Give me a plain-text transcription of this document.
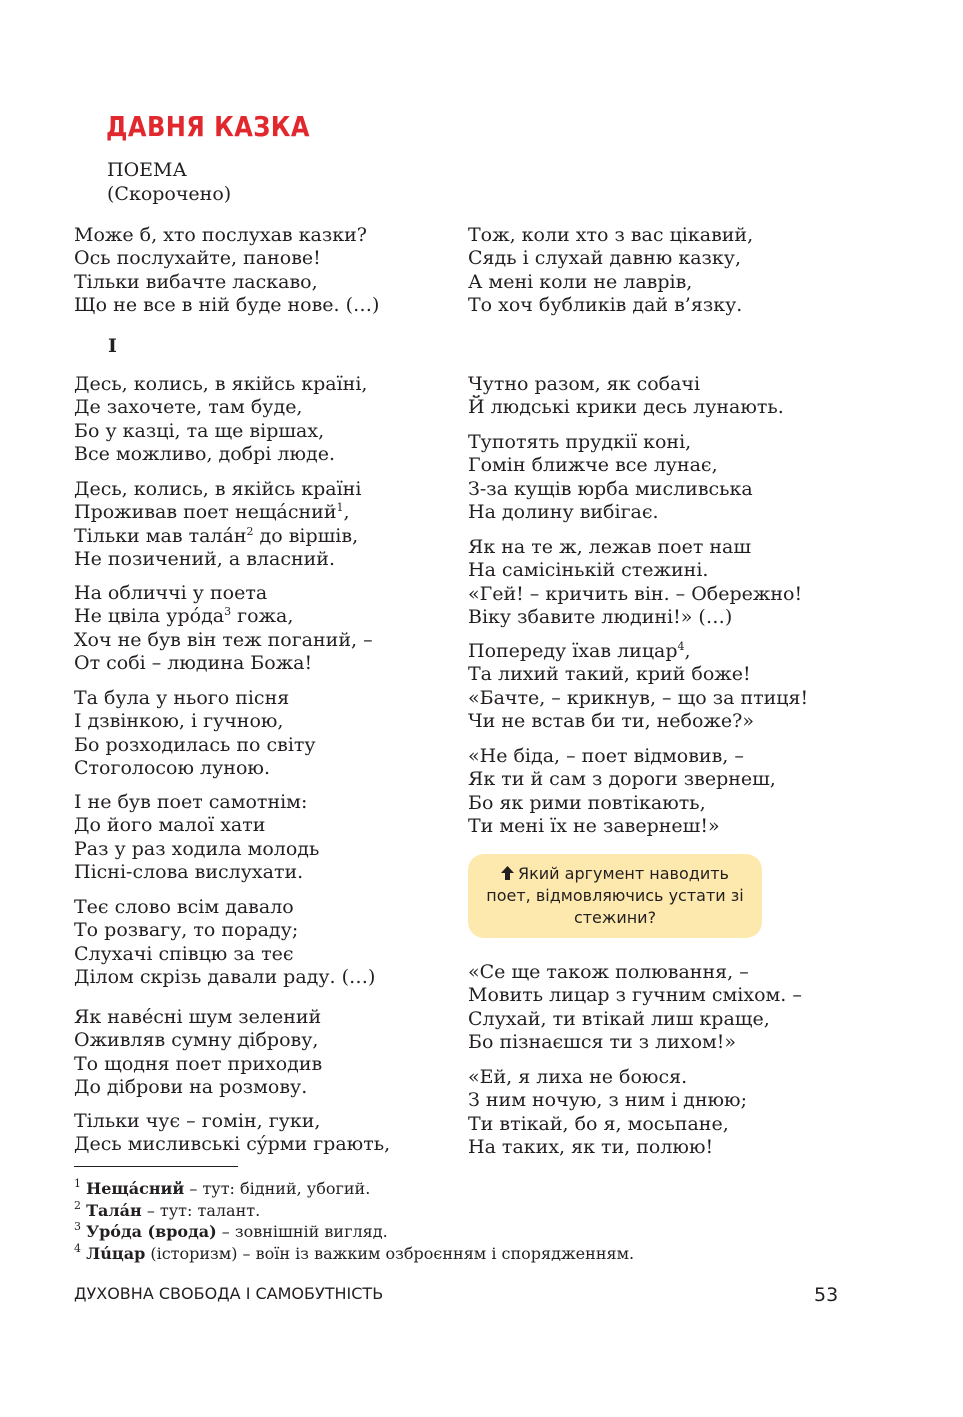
ДАВНЯ КАЗКА
ПОЕМА
(Скорочено)
I
Може б, хто послухав казки?
Ось послухайте, панове!
Тільки вибачте ласкаво,
Що не все в ній буде нове. (…)
Десь, колись, в якійсь країні,
Де захочете, там буде,
Бо у казці, та ще віршах,
Все можливо, добрі люде.
Десь, колись, в якійсь країні
Проживав поет нещáсний$^1$,
Тільки мав талáн$^2$ до віршів,
Не позичений, а власний.
На обличчі у поета
Не цвіла урóда$^3$ гожа,
Хоч не був він теж поганий, –
От собі – людина Божа!
Та була у нього пісня
І дзвінкою, і гучною,
Бо розходилась по світу
Стоголосою луною.
І не був поет самотнім:
До його малої хати
Раз у раз ходила молодь
Пісні-слова вислухати.
Теє слово всім давало
То розвагу, то пораду;
Слухачі співцю за теє
Ділом скрізь давали раду. (…)
Як навéсні шум зелений
Оживляв сумну діброву,
То щодня поет приходив
До діброви на розмову.
Тільки чує – гомін, гуки,
Десь мисливські сýрми грають,
Тож, коли хто з вас цікавий,
Сядь і слухай давню казку,
А мені коли не лаврів,
То хоч бубликів дай в’язку.
Чутно разом, як собачі
Й людські крики десь лунають.
Тупотять прудкії коні,
Гомін ближче все лунає,
З-за кущів юрба мисливська
На долину вибігає.
Як на те ж, лежав поет наш
На самісінькій стежині.
«Гей! – кричить він. – Обережно!
Віку збавите людині!» (…)
Попереду їхав лицар$^4$,
Та лихий такий, крий боже!
«Бачте, – крикнув, – що за птиця!
Чи не встав би ти, небоже?»
«Не біда, – поет відмовив, –
Як ти й сам з дороги звернеш,
Бо як рими повтікають,
Ти мені їх не завернеш!»
«Се ще також полювання, –
Мовить лицар з гучним сміхом. –
Слухай, ти втікай лиш краще,
Бо пізнаєшся ти з лихом!»
«Ей, я лиха не боюся.
З ним ночую, з ним і днюю;
Ти втікай, бо я, мосьпане,
На таких, як ти, полюю!
Який аргумент наводить поет, відмовляючись устати зі стежини?
$^1$ Нещáсний – тут: бідний, убогий.
$^2$ Талáн – тут: талант.
$^3$ Урóда (врода) – зовнішній вигляд.
$^4$ Лúцар (історизм) – воїн із важким озброєнням і спорядженням.
ДУХОВНА СВОБОДА І САМОБУТНІСТЬ	53
